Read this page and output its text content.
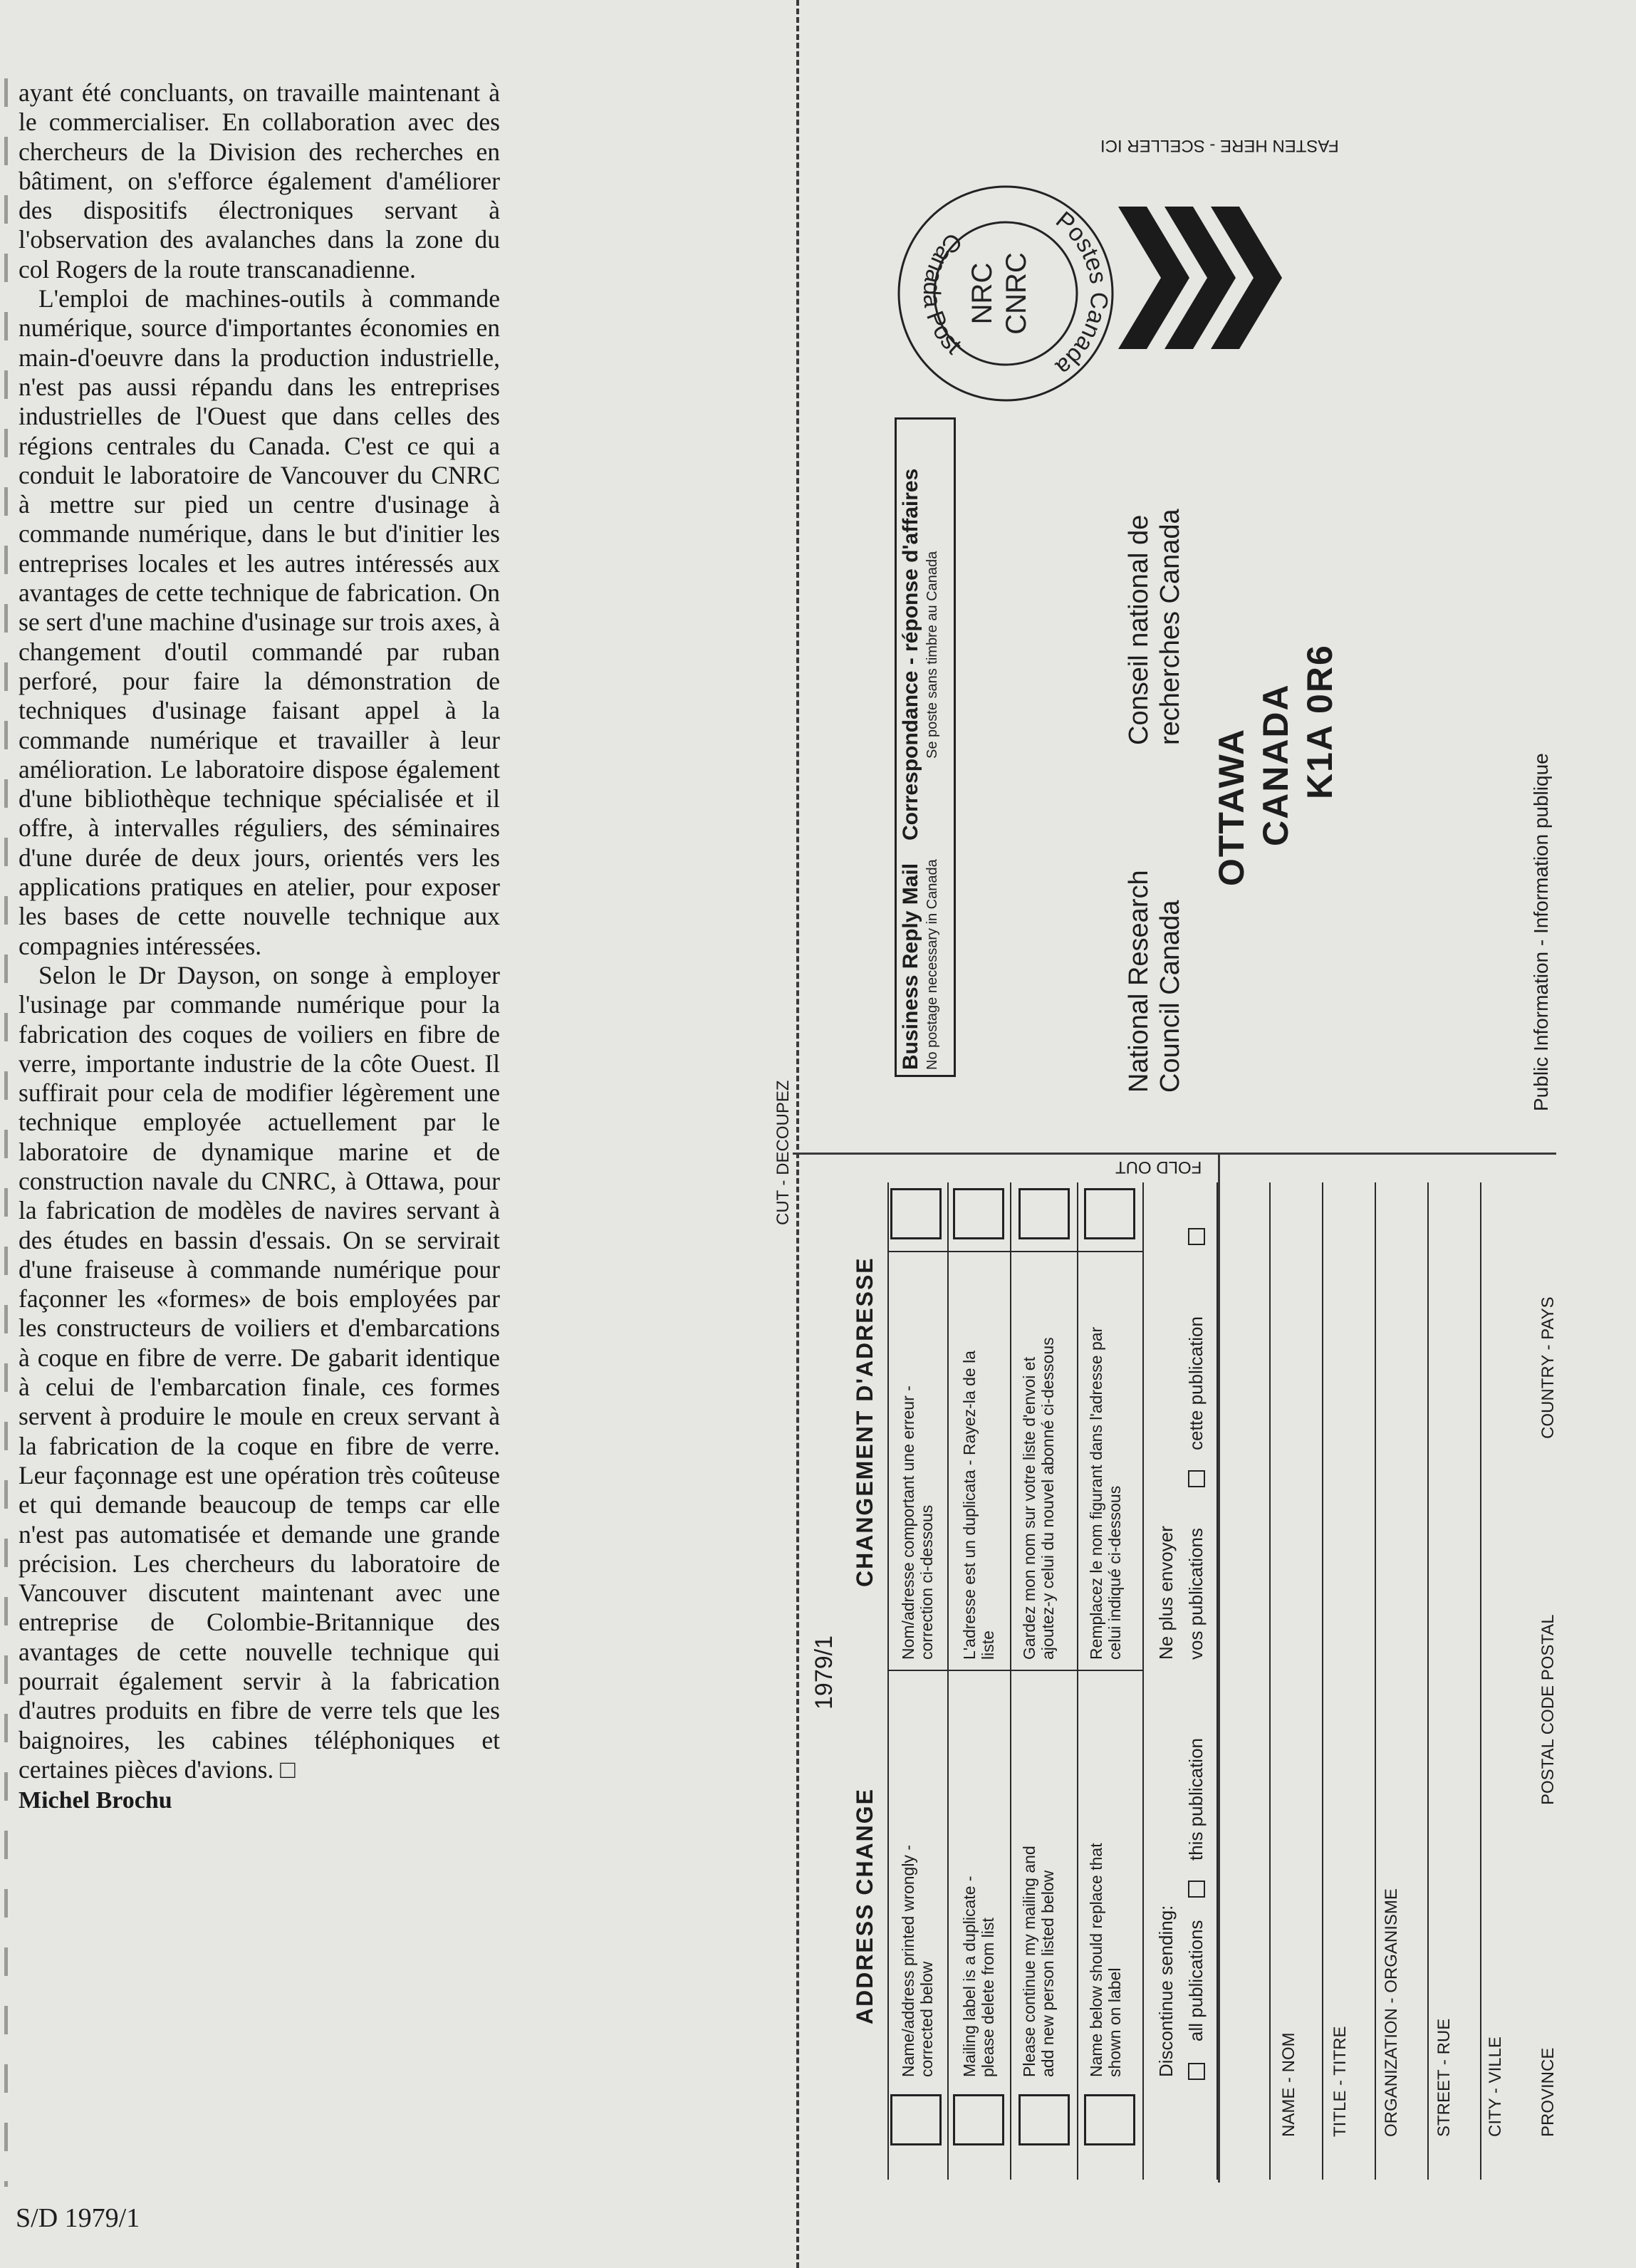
ayant été concluants, on travaille maintenant à le commercialiser. En collaboration avec des chercheurs de la Division des recherches en bâtiment, on s'efforce également d'améliorer des dispositifs électroniques servant à l'observation des avalanches dans la zone du col Rogers de la route transcanadienne.

L'emploi de machines-outils à commande numérique, source d'importantes économies en main-d'oeuvre dans la production industrielle, n'est pas aussi répandu dans les entreprises industrielles de l'Ouest que dans celles des régions centrales du Canada. C'est ce qui a conduit le laboratoire de Vancouver du CNRC à mettre sur pied un centre d'usinage à commande numérique, dans le but d'initier les entreprises locales et les autres intéressés aux avantages de cette technique de fabrication. On se sert d'une machine d'usinage sur trois axes, à changement d'outil commandé par ruban perforé, pour faire la démonstration de techniques d'usinage faisant appel à la commande numérique et travailler à leur amélioration. Le laboratoire dispose également d'une bibliothèque technique spécialisée et il offre, à intervalles réguliers, des séminaires d'une durée de deux jours, orientés vers les applications pratiques en atelier, pour exposer les bases de cette nouvelle technique aux compagnies intéressées.

Selon le Dr Dayson, on songe à employer l'usinage par commande numérique pour la fabrication des coques de voiliers en fibre de verre, importante industrie de la côte Ouest. Il suffirait pour cela de modifier légèrement une technique employée actuellement par le laboratoire de dynamique marine et de construction navale du CNRC, à Ottawa, pour la fabrication de modèles de navires servant à des études en bassin d'essais. On se servirait d'une fraiseuse à commande numérique pour façonner les «formes» de bois employées par les constructeurs de voiliers et d'embarcations à coque en fibre de verre. De gabarit identique à celui de l'embarcation finale, ces formes servent à produire le moule en creux servant à la fabrication de la coque en fibre de verre. Leur façonnage est une opération très coûteuse et qui demande beaucoup de temps car elle n'est pas automatisée et demande une grande précision. Les chercheurs du laboratoire de Vancouver discutent maintenant avec une entreprise de Colombie-Britannique des avantages de cette nouvelle technique qui pourrait également servir à la fabrication d'autres produits en fibre de verre tels que les baignoires, les cabines téléphoniques et certaines pièces d'avions. □

Michel Brochu
S/D 1979/1
CUT - DECOUPEZ	FOLD OUT
FASTEN HERE - SCELLER ICI
Postes Canada
Canada Post
NRC CNRC
Business Reply Mail No postage necessary in Canada
Correspondance - réponse d'affaires Se poste sans timbre au Canada
National Research Council Canada
Conseil national de recherches Canada
OTTAWA CANADA K1A 0R6
Public Information - Information publique
1979/1
ADDRESS CHANGE
CHANGEMENT D'ADRESSE
Name/address printed wrongly - corrected below
Nom/adresse comportant une erreur - correction ci-dessous
Mailing label is a duplicate - please delete from list
L'adresse est un duplicata - Rayez-la de la liste
Please continue my mailing and add new person listed below
Gardez mon nom sur votre liste d'envoi et ajoutez-y celui du nouvel abonné ci-dessous
Name below should replace that shown on label
Remplacez le nom figurant dans l'adresse par celui indiqué ci-dessous
Discontinue sending:
Ne plus envoyer
all publications
this publication
vos publications
cette publication
NAME - NOM TITLE - TITRE ORGANIZATION - ORGANISME STREET - RUE CITY - VILLE PROVINCE
POSTAL CODE POSTAL
COUNTRY - PAYS
